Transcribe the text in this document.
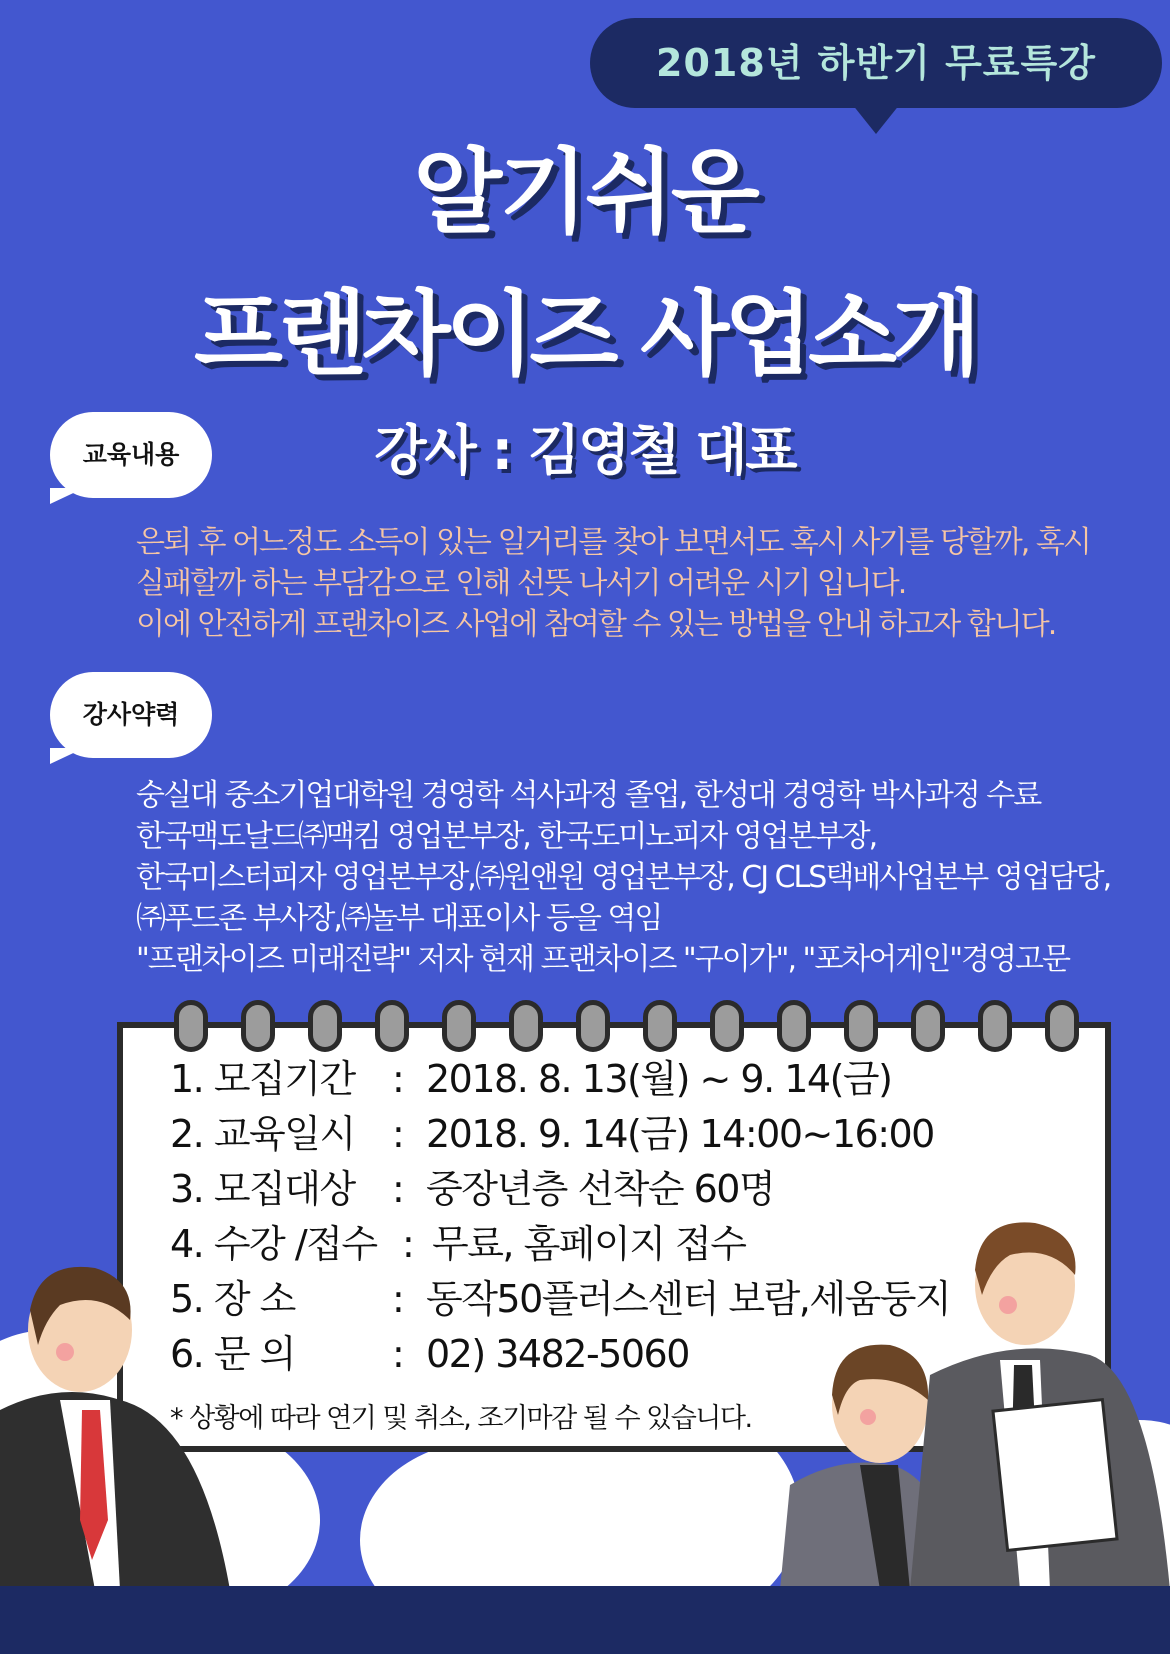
2018년 하반기 무료특강
알기쉬운
프랜차이즈 사업소개
강사 : 김영철 대표
교육내용
은퇴 후 어느정도 소득이 있는 일거리를 찾아 보면서도 혹시 사기를 당할까, 혹시
실패할까 하는 부담감으로 인해 선뜻 나서기 어려운 시기 입니다.
이에 안전하게 프랜차이즈 사업에 참여할 수 있는 방법을 안내 하고자 합니다.
강사약력
숭실대 중소기업대학원 경영학 석사과정 졸업, 한성대 경영학 박사과정 수료
한국맥도날드㈜맥킴 영업본부장, 한국도미노피자 영업본부장,
한국미스터피자 영업본부장,㈜원앤원 영업본부장, CJ CLS택배사업본부 영업담당,
㈜푸드존 부사장,㈜놀부 대표이사 등을 역임
"프랜차이즈 미래전략" 저자 현재 프랜차이즈 "구이가", "포차어게인"경영고문
1. 모집기간 : 2018. 8. 13(월) ~ 9. 14(금)
2. 교육일시 : 2018. 9. 14(금) 14:00~16:00
3. 모집대상 : 중장년층 선착순 60명
4. 수강 /접수 : 무료, 홈페이지 접수
5. 장 소	: 동작50플러스센터 보람,세움둥지
6. 문 의	: 02) 3482-5060
* 상황에 따라 연기 및 취소, 조기마감 될 수 있습니다.
